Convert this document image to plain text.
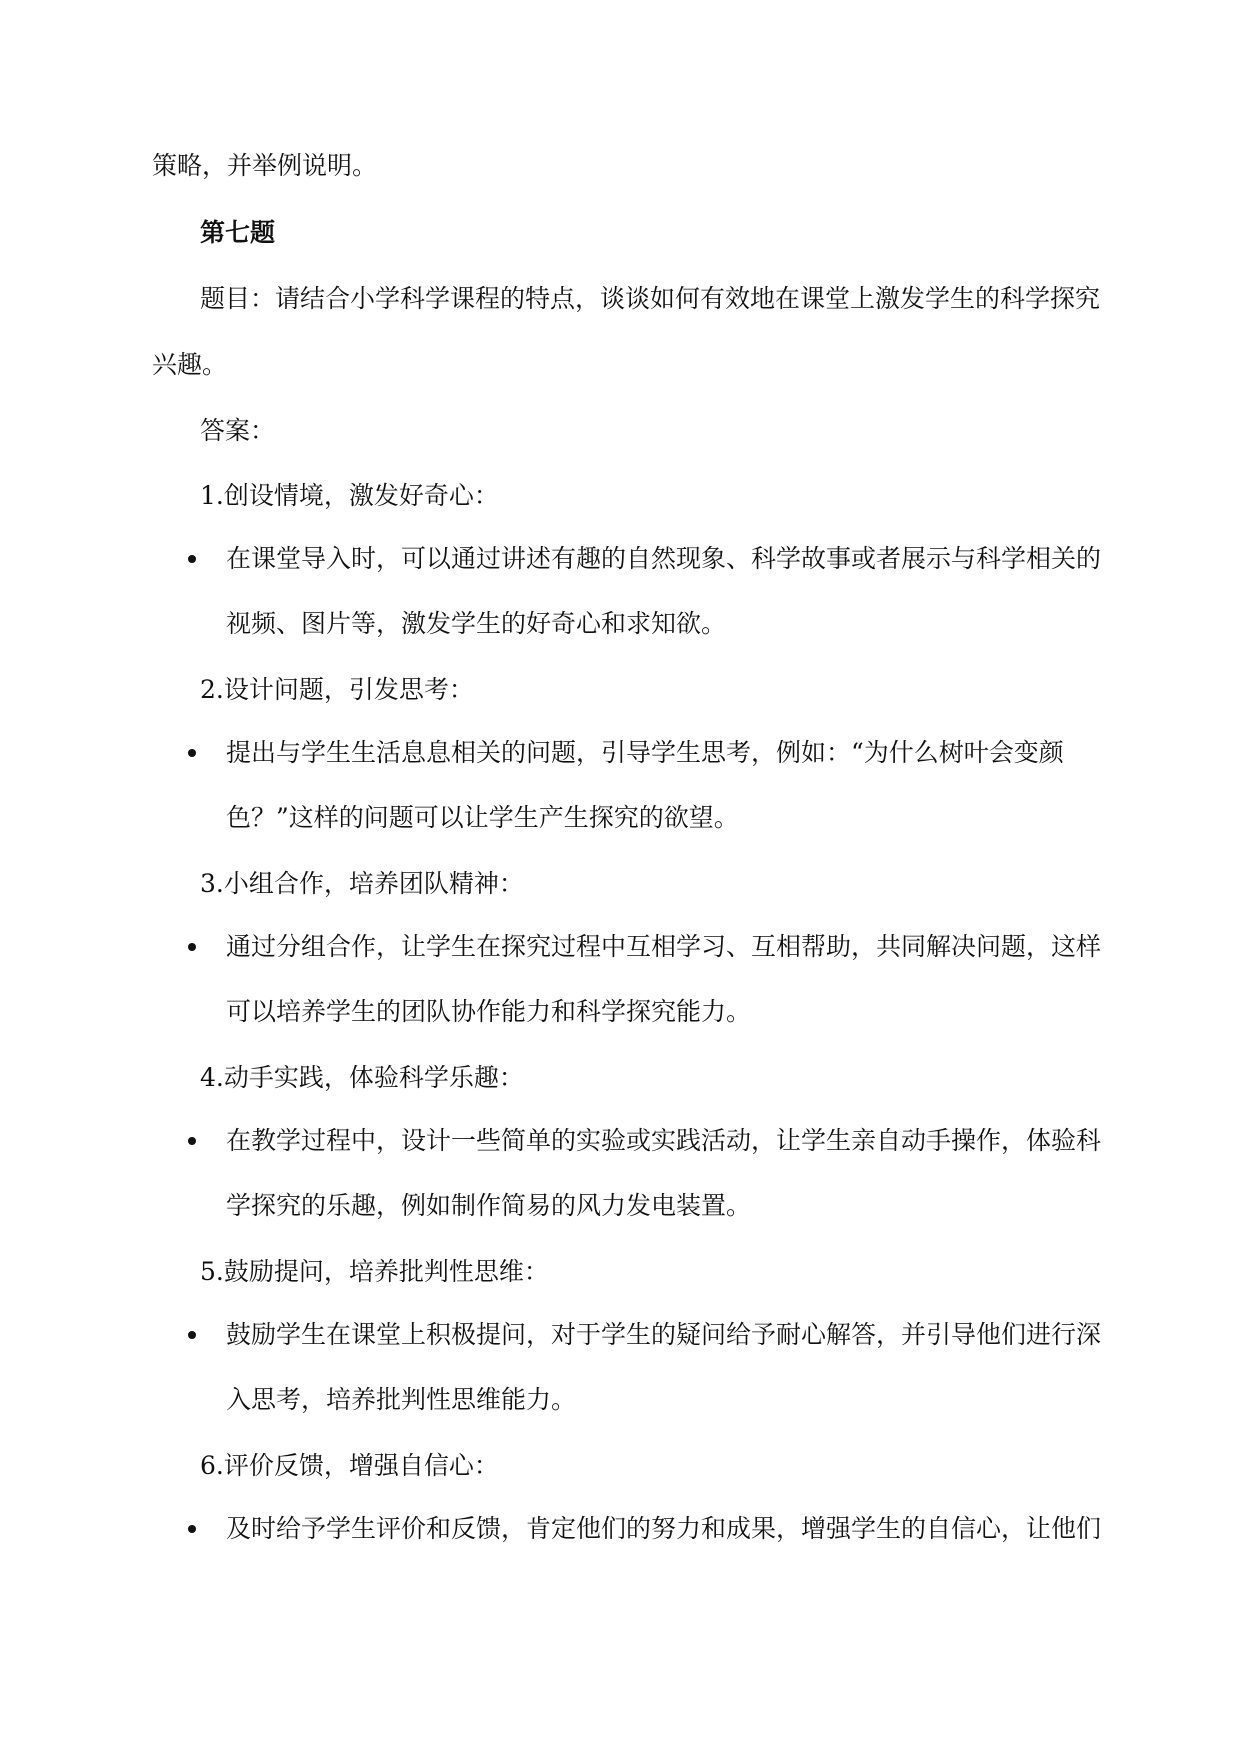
策略，并举例说明。
第七题
题目：请结合小学科学课程的特点，谈谈如何有效地在课堂上激发学生的科学探究
兴趣。
答案：
1.创设情境，激发好奇心：
在课堂导入时，可以通过讲述有趣的自然现象、科学故事或者展示与科学相关的
视频、图片等，激发学生的好奇心和求知欲。
2.设计问题，引发思考：
提出与学生生活息息相关的问题，引导学生思考，例如：“为什么树叶会变颜
色？”这样的问题可以让学生产生探究的欲望。
3.小组合作，培养团队精神：
通过分组合作，让学生在探究过程中互相学习、互相帮助，共同解决问题，这样
可以培养学生的团队协作能力和科学探究能力。
4.动手实践，体验科学乐趣：
在教学过程中，设计一些简单的实验或实践活动，让学生亲自动手操作，体验科
学探究的乐趣，例如制作简易的风力发电装置。
5.鼓励提问，培养批判性思维：
鼓励学生在课堂上积极提问，对于学生的疑问给予耐心解答，并引导他们进行深
入思考，培养批判性思维能力。
6.评价反馈，增强自信心：
及时给予学生评价和反馈，肯定他们的努力和成果，增强学生的自信心，让他们
